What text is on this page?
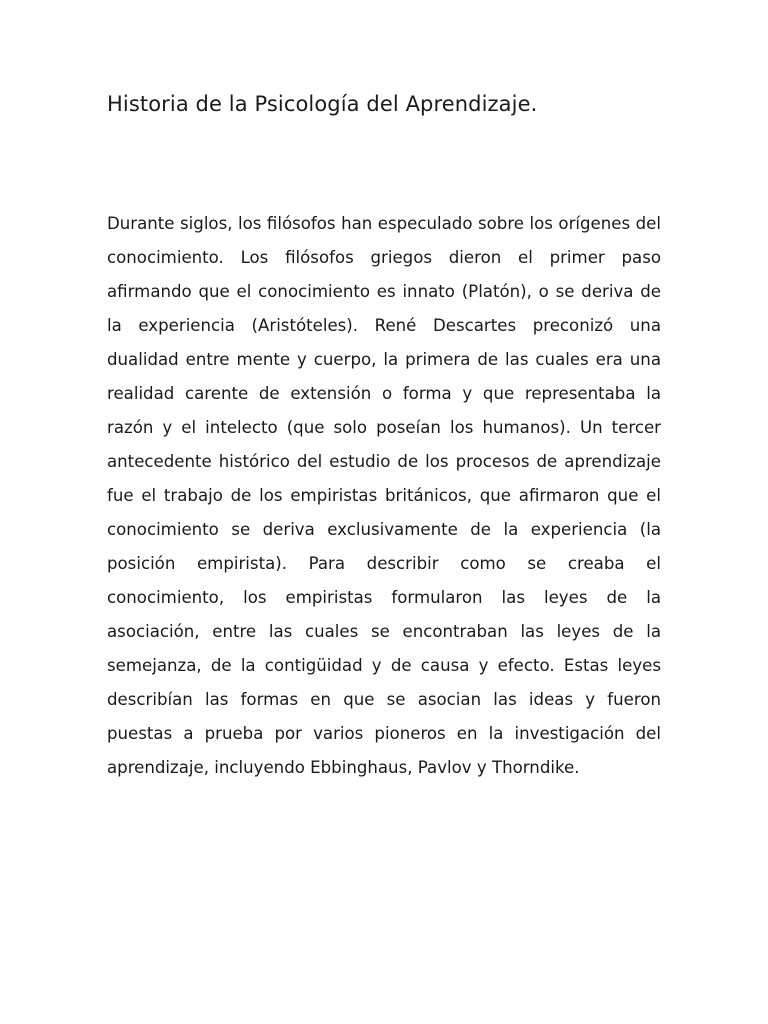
Historia de la Psicología del Aprendizaje.

Durante siglos, los filósofos han especulado sobre los orígenes del conocimiento. Los filósofos griegos dieron el primer paso afirmando que el conocimiento es innato (Platón), o se deriva de la experiencia (Aristóteles). René Descartes preconizó una dualidad entre mente y cuerpo, la primera de las cuales era una realidad carente de extensión o forma y que representaba la razón y el intelecto (que solo poseían los humanos). Un tercer antecedente histórico del estudio de los procesos de aprendizaje fue el trabajo de los empiristas británicos, que afirmaron que el conocimiento se deriva exclusivamente de la experiencia (la posición empirista). Para describir como se creaba el conocimiento, los empiristas formularon las leyes de la asociación, entre las cuales se encontraban las leyes de la semejanza, de la contigüidad y de causa y efecto. Estas leyes describían las formas en que se asocian las ideas y fueron puestas a prueba por varios pioneros en la investigación del aprendizaje, incluyendo Ebbinghaus, Pavlov y Thorndike.
